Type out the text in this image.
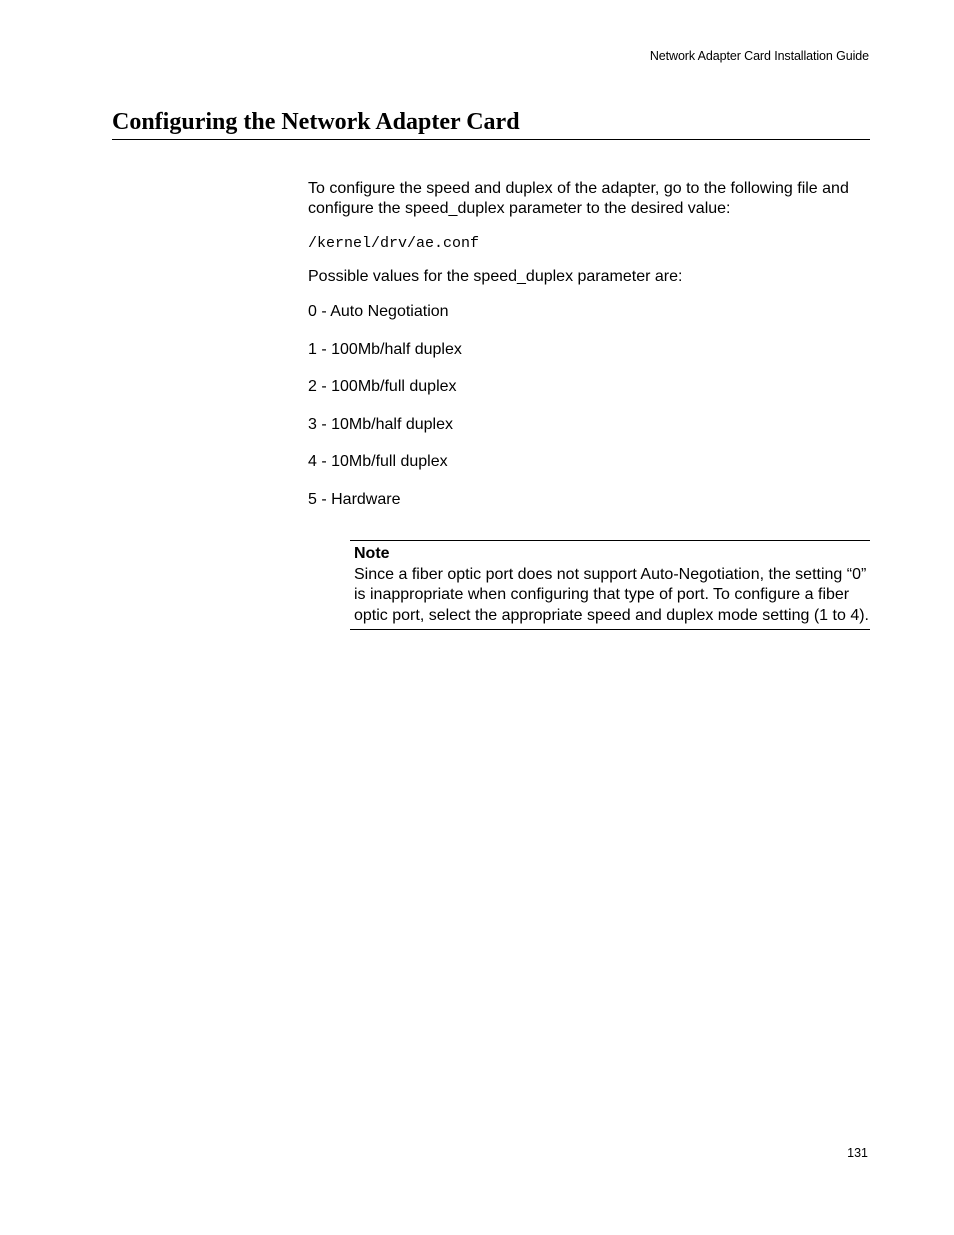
Network Adapter Card Installation Guide
Configuring the Network Adapter Card

To configure the speed and duplex of the adapter, go to the following file and configure the speed_duplex parameter to the desired value:

/kernel/drv/ae.conf

Possible values for the speed_duplex parameter are:

0 - Auto Negotiation
1 - 100Mb/half duplex
2 - 100Mb/full duplex
3 - 10Mb/half duplex
4 - 10Mb/full duplex
5 - Hardware
Note
Since a fiber optic port does not support Auto-Negotiation, the setting “0” is inappropriate when configuring that type of port. To configure a fiber optic port, select the appropriate speed and duplex mode setting (1 to 4).
131
